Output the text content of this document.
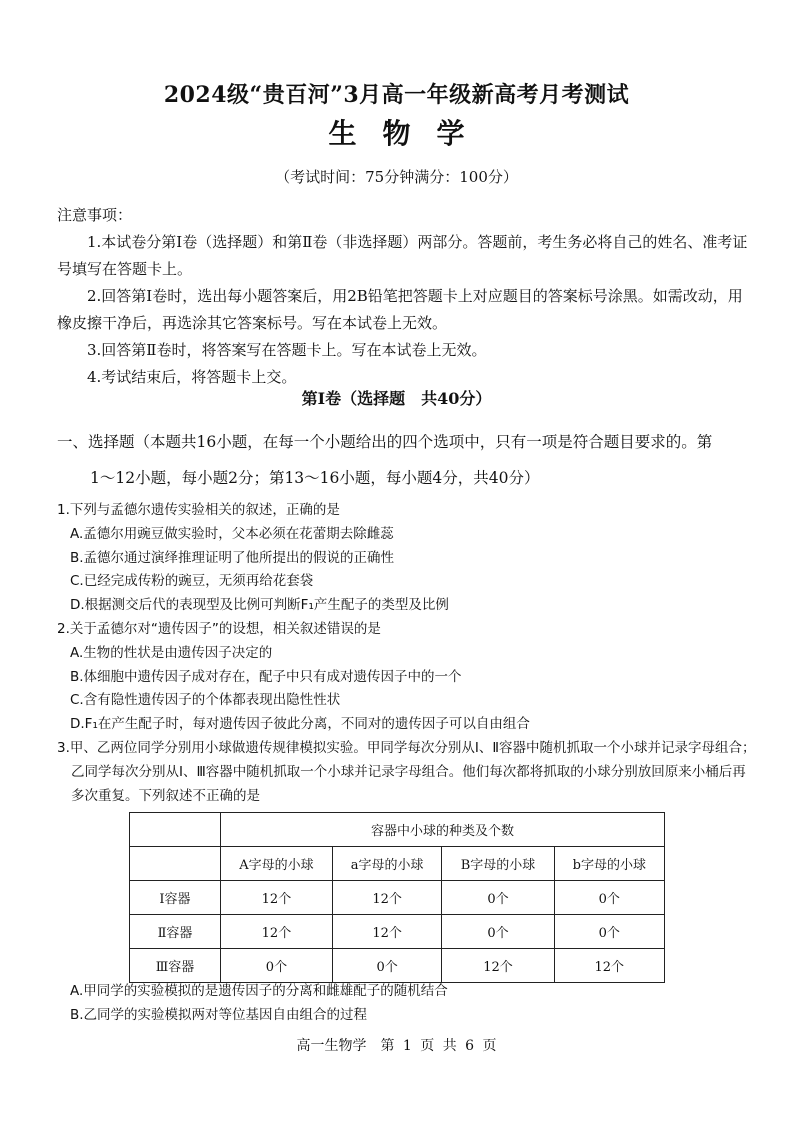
2024级“贵百河”3月高一年级新高考月考测试
生物学
（考试时间：75分钟满分：100分）

注意事项：

1.本试卷分第Ⅰ卷（选择题）和第Ⅱ卷（非选择题）两部分。答题前，考生务必将自己的姓名、准考证号填写在答题卡上。

2.回答第Ⅰ卷时，选出每小题答案后，用2B铅笔把答题卡上对应题目的答案标号涂黑。如需改动，用橡皮擦干净后，再选涂其它答案标号。写在本试卷上无效。

3.回答第Ⅱ卷时，将答案写在答题卡上。写在本试卷上无效。

4.考试结束后，将答题卡上交。

第Ⅰ卷（选择题　共40分）

一、选择题（本题共16小题，在每一个小题给出的四个选项中，只有一项是符合题目要求的。第

1～12小题，每小题2分；第13～16小题，每小题4分，共40分）

1.下列与孟德尔遗传实验相关的叙述，正确的是

A.孟德尔用豌豆做实验时，父本必须在花蕾期去除雌蕊

B.孟德尔通过演绎推理证明了他所提出的假说的正确性

C.已经完成传粉的豌豆，无须再给花套袋

D.根据测交后代的表现型及比例可判断F₁产生配子的类型及比例

2.关于孟德尔对“遗传因子”的设想，相关叙述错误的是

A.生物的性状是由遗传因子决定的

B.体细胞中遗传因子成对存在，配子中只有成对遗传因子中的一个

C.含有隐性遗传因子的个体都表现出隐性性状

D.F₁在产生配子时，每对遗传因子彼此分离，不同对的遗传因子可以自由组合

3.甲、乙两位同学分别用小球做遗传规律模拟实验。甲同学每次分别从Ⅰ、Ⅱ容器中随机抓取一个小球并记录字母组合；乙同学每次分别从Ⅰ、Ⅲ容器中随机抓取一个小球并记录字母组合。他们每次都将抓取的小球分别放回原来小桶后再多次重复。下列叙述不正确的是

	容器中小球的种类及个数			
	A字母的小球	a字母的小球	B字母的小球	b字母的小球
Ⅰ容器	12个	12个	0个	0个
Ⅱ容器	12个	12个	0个	0个
Ⅲ容器	0个	0个	12个	12个

A.甲同学的实验模拟的是遗传因子的分离和雌雄配子的随机结合

B.乙同学的实验模拟两对等位基因自由组合的过程

高一生物学　第 1 页 共 6 页
